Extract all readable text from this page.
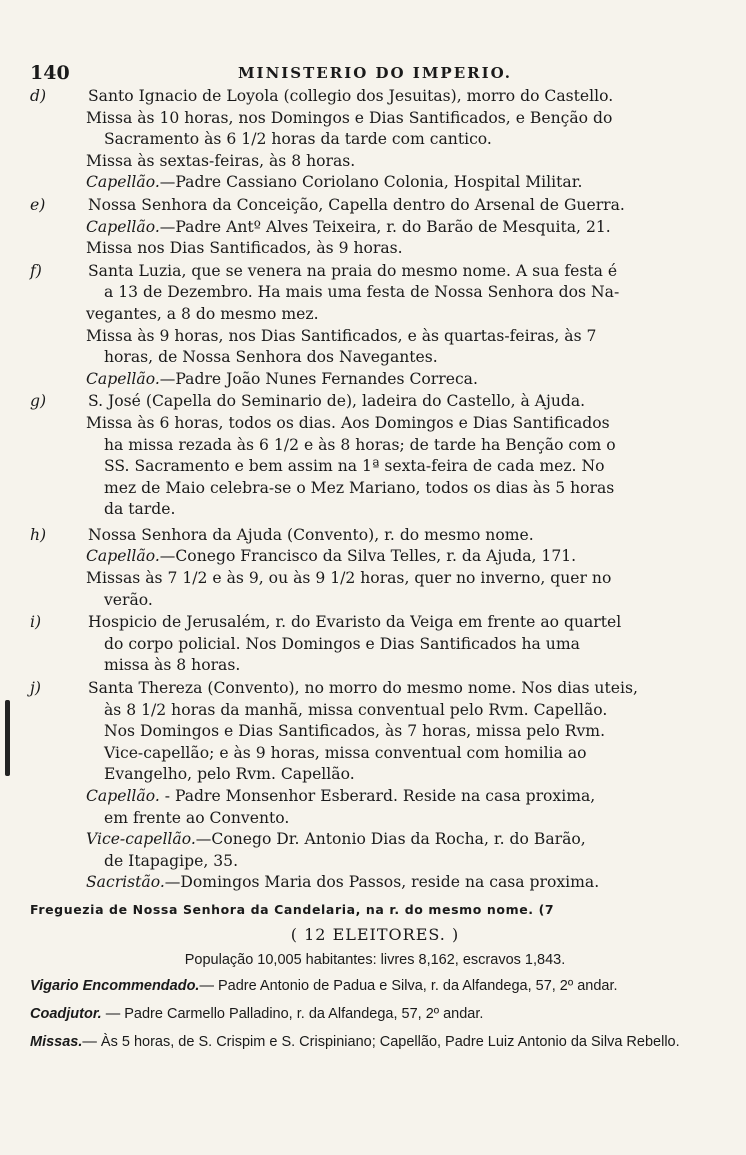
140	MINISTERIO DO IMPERIO.
d)	Santo Ignacio de Loyola (collegio dos Jesuitas), morro do Castello.
Missa às 10 horas, nos Domingos e Dias Santificados, e Benção do
Sacramento às 6 1/2 horas da tarde com cantico.
Missa às sextas-feiras, às 8 horas.
Capellão.—Padre Cassiano Coriolano Colonia, Hospital Militar.
e)	Nossa Senhora da Conceição, Capella dentro do Arsenal de Guerra.
Capellão.—Padre Antº Alves Teixeira, r. do Barão de Mesquita, 21.
Missa nos Dias Santificados, às 9 horas.
f)	Santa Luzia, que se venera na praia do mesmo nome. A sua festa é
a 13 de Dezembro. Ha mais uma festa de Nossa Senhora dos Na-
vegantes, a 8 do mesmo mez.
Missa às 9 horas, nos Dias Santificados, e às quartas-feiras, às 7
horas, de Nossa Senhora dos Navegantes.
Capellão.—Padre João Nunes Fernandes Correca.
g)	S. José (Capella do Seminario de), ladeira do Castello, à Ajuda.
Missa às 6 horas, todos os dias. Aos Domingos e Dias Santificados
ha missa rezada às 6 1/2 e às 8 horas; de tarde ha Benção com o
SS. Sacramento e bem assim na 1ª sexta-feira de cada mez. No
mez de Maio celebra-se o Mez Mariano, todos os dias às 5 horas
da tarde.
h)	Nossa Senhora da Ajuda (Convento), r. do mesmo nome.
Capellão.—Conego Francisco da Silva Telles, r. da Ajuda, 171.
Missas às 7 1/2 e às 9, ou às 9 1/2 horas, quer no inverno, quer no
verão.
i)	Hospicio de Jerusalém, r. do Evaristo da Veiga em frente ao quartel
do corpo policial. Nos Domingos e Dias Santificados ha uma
missa às 8 horas.
j)	Santa Thereza (Convento), no morro do mesmo nome. Nos dias uteis,
às 8 1/2 horas da manhã, missa conventual pelo Rvm. Capellão.
Nos Domingos e Dias Santificados, às 7 horas, missa pelo Rvm.
Vice-capellão; e às 9 horas, missa conventual com homilia ao
Evangelho, pelo Rvm. Capellão.
Capellão. - Padre Monsenhor Esberard. Reside na casa proxima,
em frente ao Convento.
Vice-capellão.—Conego Dr. Antonio Dias da Rocha, r. do Barão,
de Itapagipe, 35.
Sacristão.—Domingos Maria dos Passos, reside na casa proxima.
Freguezia de Nossa Senhora da Candelaria, na r. do mesmo nome. (7
( 12 ELEITORES. )
População 10,005 habitantes: livres 8,162, escravos 1,843.
Vigario Encommendado.— Padre Antonio de Padua e Silva, r. da Alfandega, 57, 2º andar.
Coadjutor. — Padre Carmello Palladino, r. da Alfandega, 57, 2º andar.
Missas.— Às 5 horas, de S. Crispim e S. Crispiniano; Capellão, Padre Luiz Antonio da Silva Rebello.
